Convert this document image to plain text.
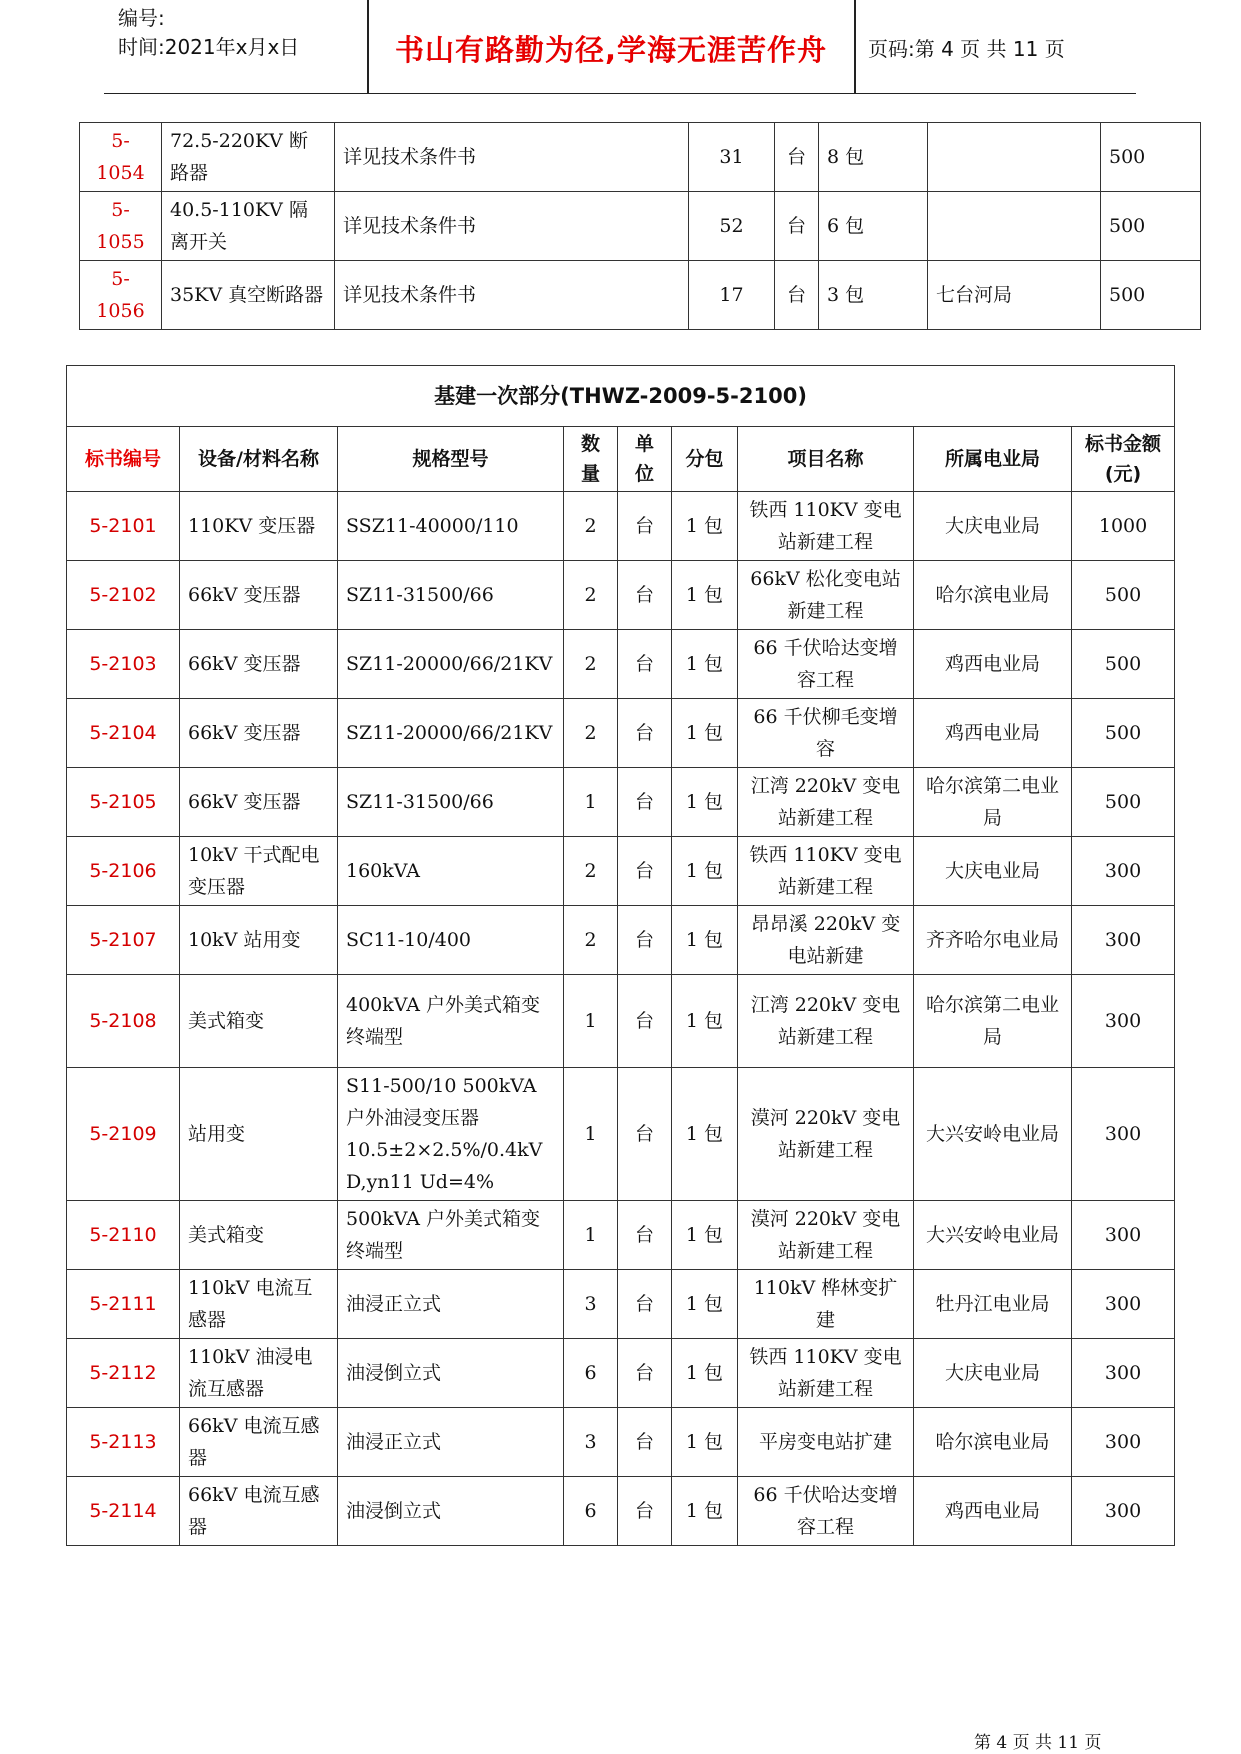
编号:
时间:2021年x月x日	书山有路勤为径,学海无涯苦作舟	页码:第 4 页 共 11 页
5-1054	72.5-220KV 断路器	详见技术条件书	31	台	8 包		500
5-1055	40.5-110KV 隔离开关	详见技术条件书	52	台	6 包		500
5-1056	35KV 真空断路器	详见技术条件书	17	台	3 包	七台河局	500
基建一次部分(THWZ-2009-5-2100)								
标书编号	设备/材料名称	规格型号	数量	单位	分包	项目名称	所属电业局	标书金额(元)
5-2101	110KV 变压器	SSZ11-40000/110	2	台	1 包	铁西 110KV 变电站新建工程	大庆电业局	1000
5-2102	66kV 变压器	SZ11-31500/66	2	台	1 包	66kV 松化变电站新建工程	哈尔滨电业局	500
5-2103	66kV 变压器	SZ11-20000/66/21KV	2	台	1 包	66 千伏哈达变增容工程	鸡西电业局	500
5-2104	66kV 变压器	SZ11-20000/66/21KV	2	台	1 包	66 千伏柳毛变增容	鸡西电业局	500
5-2105	66kV 变压器	SZ11-31500/66	1	台	1 包	江湾 220kV 变电站新建工程	哈尔滨第二电业局	500
5-2106	10kV 干式配电变压器	160kVA	2	台	1 包	铁西 110KV 变电站新建工程	大庆电业局	300
5-2107	10kV 站用变	SC11-10/400	2	台	1 包	昂昂溪 220kV 变电站新建	齐齐哈尔电业局	300
5-2108	美式箱变	400kVA 户外美式箱变终端型	1	台	1 包	江湾 220kV 变电站新建工程	哈尔滨第二电业局	300
5-2109	站用变	S11-500/10 500kVA 户外油浸变压器 10.5±2×2.5%/0.4kV D,yn11 Ud=4%	1	台	1 包	漠河 220kV 变电站新建工程	大兴安岭电业局	300
5-2110	美式箱变	500kVA 户外美式箱变终端型	1	台	1 包	漠河 220kV 变电站新建工程	大兴安岭电业局	300
5-2111	110kV 电流互感器	油浸正立式	3	台	1 包	110kV 桦林变扩建	牡丹江电业局	300
5-2112	110kV 油浸电流互感器	油浸倒立式	6	台	1 包	铁西 110KV 变电站新建工程	大庆电业局	300
5-2113	66kV 电流互感器	油浸正立式	3	台	1 包	平房变电站扩建	哈尔滨电业局	300
5-2114	66kV 电流互感器	油浸倒立式	6	台	1 包	66 千伏哈达变增容工程	鸡西电业局	300
第 4 页 共 11 页
